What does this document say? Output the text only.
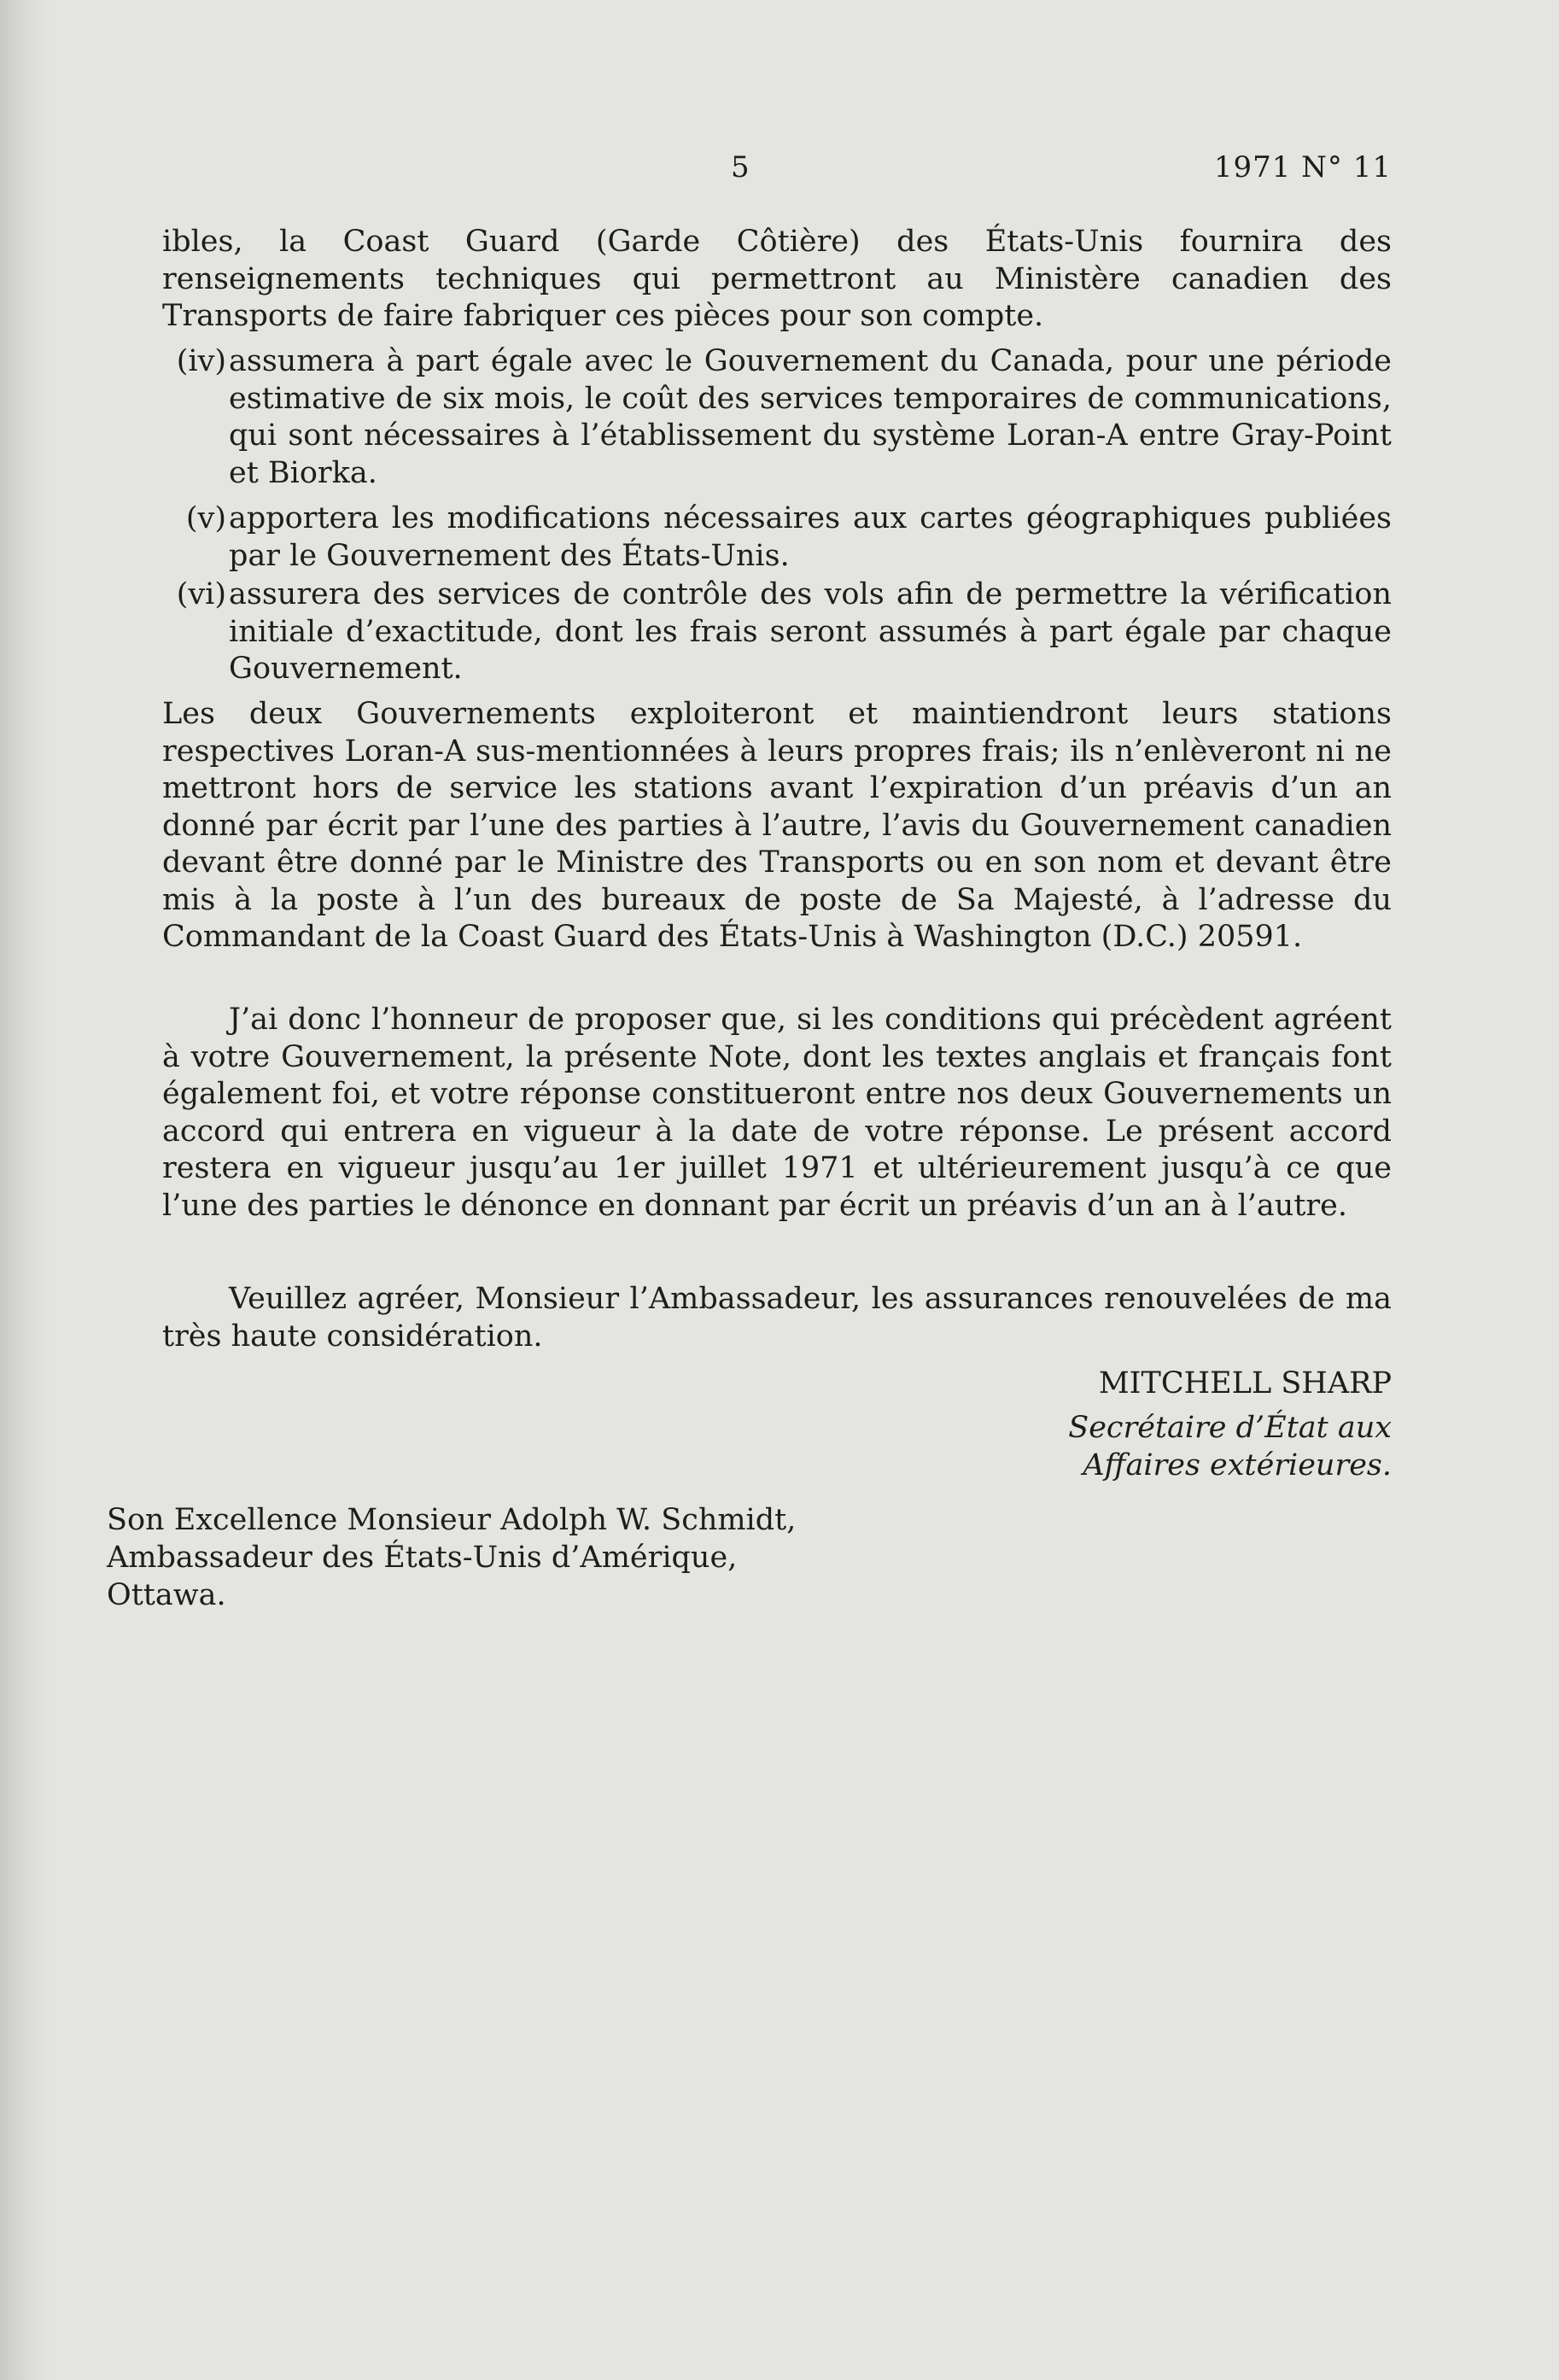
5	1971 N° 11
ibles, la Coast Guard (Garde Côtière) des États-Unis fournira des renseignements techniques qui permettront au Ministère canadien des Transports de faire fabriquer ces pièces pour son compte.
(iv) assumera à part égale avec le Gouvernement du Canada, pour une période estimative de six mois, le coût des services temporaires de communications, qui sont nécessaires à l’établissement du système Loran-A entre Gray-Point et Biorka.
(v) apportera les modifications nécessaires aux cartes géographiques publiées par le Gouvernement des États-Unis.
(vi) assurera des services de contrôle des vols afin de permettre la vérification initiale d’exactitude, dont les frais seront assumés à part égale par chaque Gouvernement.
Les deux Gouvernements exploiteront et maintiendront leurs stations respectives Loran-A sus-mentionnées à leurs propres frais; ils n’enlèveront ni ne mettront hors de service les stations avant l’expiration d’un préavis d’un an donné par écrit par l’une des parties à l’autre, l’avis du Gouvernement canadien devant être donné par le Ministre des Transports ou en son nom et devant être mis à la poste à l’un des bureaux de poste de Sa Majesté, à l’adresse du Commandant de la Coast Guard des États-Unis à Washington (D.C.) 20591.
J’ai donc l’honneur de proposer que, si les conditions qui précèdent agréent à votre Gouvernement, la présente Note, dont les textes anglais et français font également foi, et votre réponse constitueront entre nos deux Gouvernements un accord qui entrera en vigueur à la date de votre réponse. Le présent accord restera en vigueur jusqu’au 1er juillet 1971 et ultérieurement jusqu’à ce que l’une des parties le dénonce en donnant par écrit un préavis d’un an à l’autre.
Veuillez agréer, Monsieur l’Ambassadeur, les assurances renouvelées de ma très haute considération.
MITCHELL SHARP
Secrétaire d’État aux
Affaires extérieures.
Son Excellence Monsieur Adolph W. Schmidt,
Ambassadeur des États-Unis d’Amérique,
Ottawa.
